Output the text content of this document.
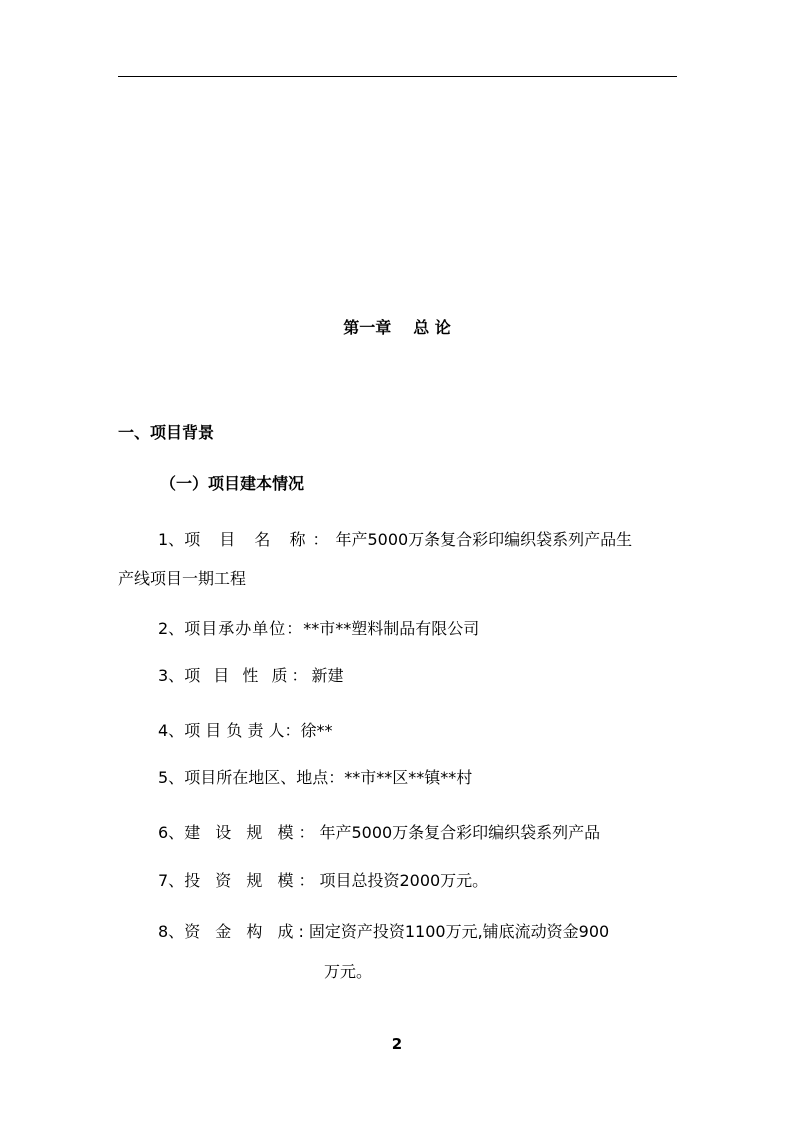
第一章 总 论
一、项目背景
（一）项目建本情况
1、项 目 名 称：年产5000万条复合彩印编织袋系列产品生
产线项目一期工程
2、项目承办单位：**市**塑料制品有限公司
3、项 目 性 质：新建
4、项 目 负 责 人：徐**
5、项目所在地区、地点：**市**区**镇**村
6、建 设 规 模：年产5000万条复合彩印编织袋系列产品
7、投 资 规 模：项目总投资2000万元。
8、资 金 构 成:固定资产投资1100万元,铺底流动资金900
万元。
2
